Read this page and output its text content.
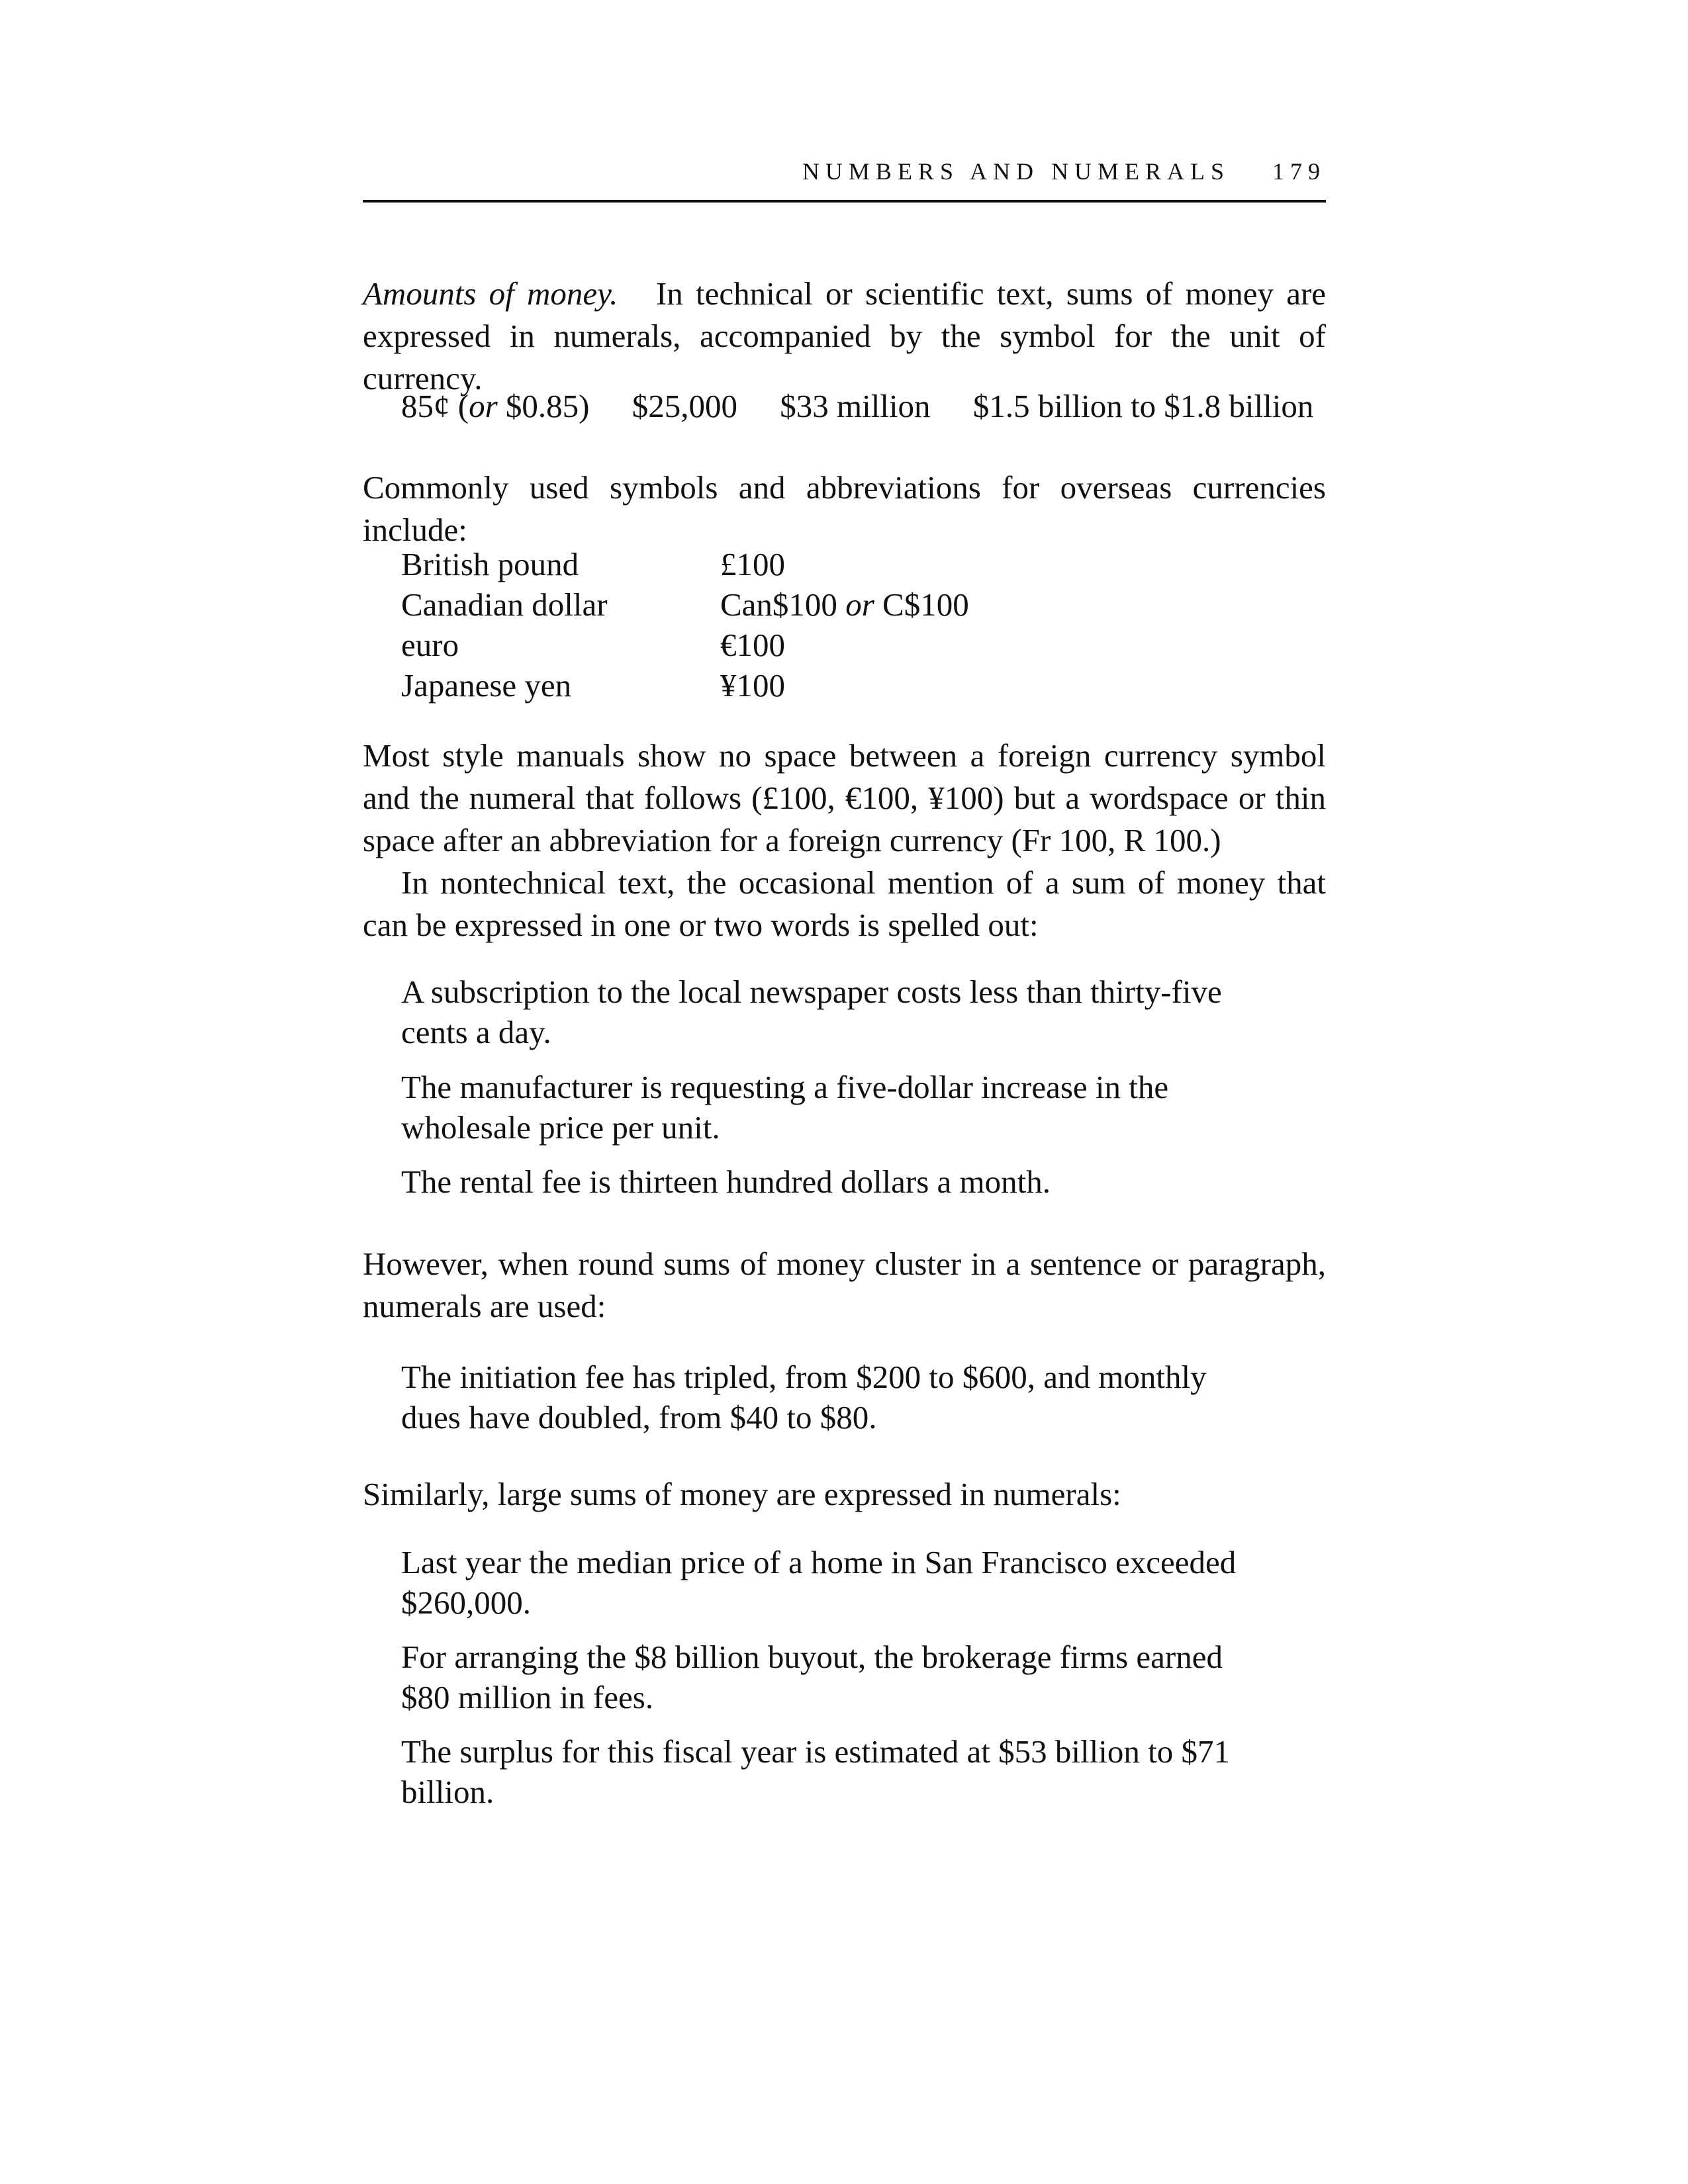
NUMBERS AND NUMERALS 179
Amounts of money. In technical or scientific text, sums of money are expressed in numerals, accompanied by the symbol for the unit of currency.
85¢ (or $0.85) $25,000 $33 million $1.5 billion to $1.8 billion
Commonly used symbols and abbreviations for overseas currencies include:
British pound	£100
Canadian dollar	Can$100 or C$100
euro	€100
Japanese yen	¥100
Most style manuals show no space between a foreign currency symbol and the numeral that follows (£100, €100, ¥100) but a wordspace or thin space after an abbreviation for a foreign currency (Fr 100, R 100.)
In nontechnical text, the occasional mention of a sum of money that can be expressed in one or two words is spelled out:
A subscription to the local newspaper costs less than thirty-five cents a day.
The manufacturer is requesting a five-dollar increase in the wholesale price per unit.
The rental fee is thirteen hundred dollars a month.
However, when round sums of money cluster in a sentence or paragraph, numerals are used:
The initiation fee has tripled, from $200 to $600, and monthly dues have doubled, from $40 to $80.
Similarly, large sums of money are expressed in numerals:
Last year the median price of a home in San Francisco exceeded $260,000.
For arranging the $8 billion buyout, the brokerage firms earned $80 million in fees.
The surplus for this fiscal year is estimated at $53 billion to $71 billion.
